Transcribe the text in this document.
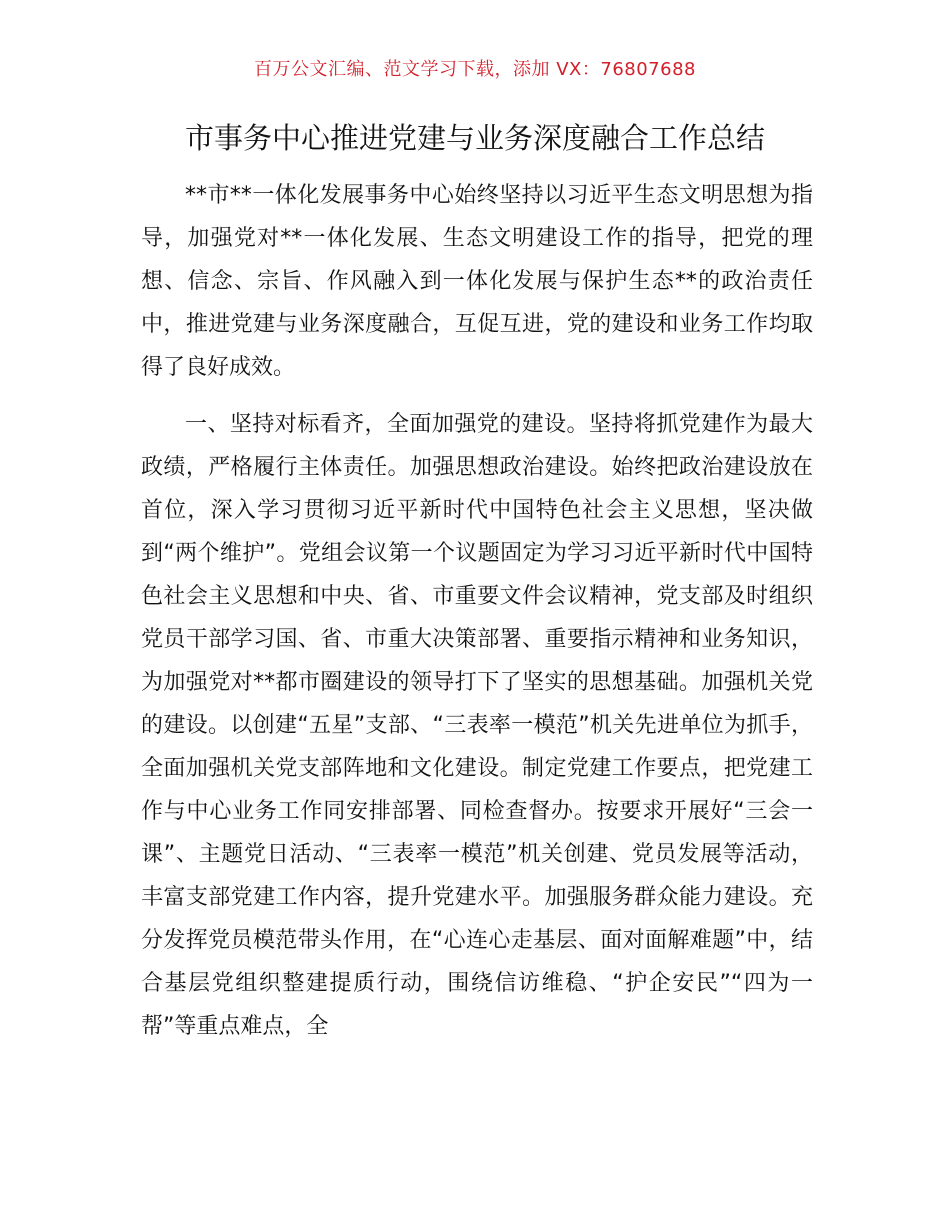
百万公文汇编、范文学习下载，添加 VX：76807688
市事务中心推进党建与业务深度融合工作总结

**市**一体化发展事务中心始终坚持以习近平生态文明思想为指导，加强党对**一体化发展、生态文明建设工作的指导，把党的理想、信念、宗旨、作风融入到一体化发展与保护生态**的政治责任中，推进党建与业务深度融合，互促互进，党的建设和业务工作均取得了良好成效。

一、坚持对标看齐，全面加强党的建设。坚持将抓党建作为最大政绩，严格履行主体责任。加强思想政治建设。始终把政治建设放在首位，深入学习贯彻习近平新时代中国特色社会主义思想，坚决做到“两个维护”。党组会议第一个议题固定为学习习近平新时代中国特色社会主义思想和中央、省、市重要文件会议精神，党支部及时组织党员干部学习国、省、市重大决策部署、重要指示精神和业务知识，为加强党对**都市圈建设的领导打下了坚实的思想基础。加强机关党的建设。以创建“五星”支部、“三表率一模范”机关先进单位为抓手，全面加强机关党支部阵地和文化建设。制定党建工作要点，把党建工作与中心业务工作同安排部署、同检查督办。按要求开展好“三会一课”、主题党日活动、“三表率一模范”机关创建、党员发展等活动，丰富支部党建工作内容，提升党建水平。加强服务群众能力建设。充分发挥党员模范带头作用，在“心连心走基层、面对面解难题”中，结合基层党组织整建提质行动，围绕信访维稳、“护企安民”“四为一帮”等重点难点，全
